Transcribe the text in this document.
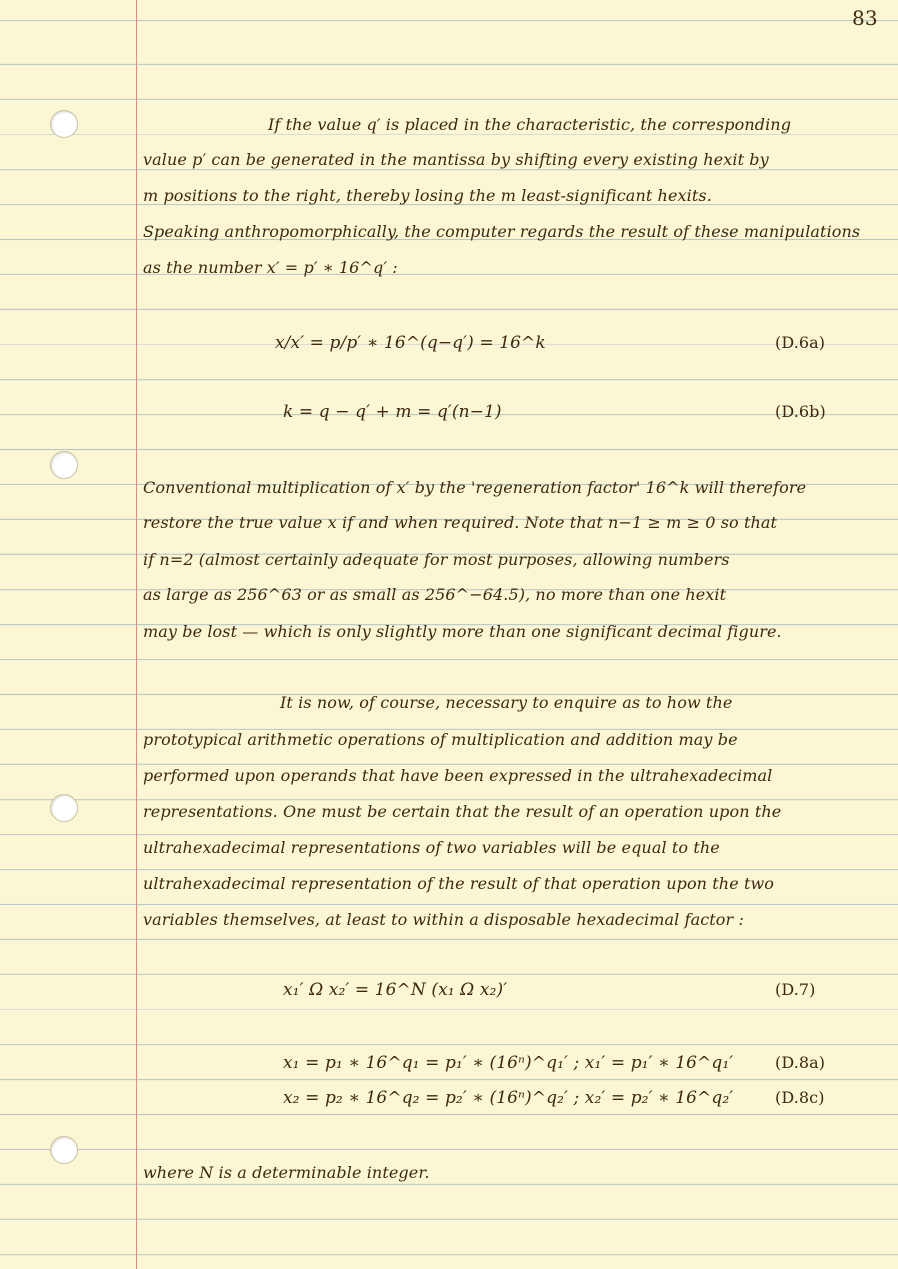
83
If the value q′ is placed in the characteristic, the corresponding
value p′ can be generated in the mantissa by shifting every existing hexit by
m positions to the right, thereby losing the m least-significant hexits.
Speaking anthropomorphically, the computer regards the result of these manipulations
as the number x′ = p′ ∗ 16^q′ :
x/x′ = p/p′ ∗ 16^(q−q′) = 16^k	(D.6a)
k = q − q′ + m = q′(n−1)	(D.6b)
Conventional multiplication of x′ by the 'regeneration factor' 16^k will therefore
restore the true value x if and when required. Note that n−1 ≥ m ≥ 0 so that
if n=2 (almost certainly adequate for most purposes, allowing numbers
as large as 256^63 or as small as 256^−64.5), no more than one hexit
may be lost — which is only slightly more than one significant decimal figure.
It is now, of course, necessary to enquire as to how the
prototypical arithmetic operations of multiplication and addition may be
performed upon operands that have been expressed in the ultrahexadecimal
representations. One must be certain that the result of an operation upon the
ultrahexadecimal representations of two variables will be equal to the
ultrahexadecimal representation of the result of that operation upon the two
variables themselves, at least to within a disposable hexadecimal factor :
x₁′ Ω x₂′ = 16^N (x₁ Ω x₂)′	(D.7)
x₁ = p₁ ∗ 16^q₁ = p₁′ ∗ (16ⁿ)^q₁′ ; x₁′ = p₁′ ∗ 16^q₁′	(D.8a)
x₂ = p₂ ∗ 16^q₂ = p₂′ ∗ (16ⁿ)^q₂′ ; x₂′ = p₂′ ∗ 16^q₂′	(D.8c)
where N is a determinable integer.
